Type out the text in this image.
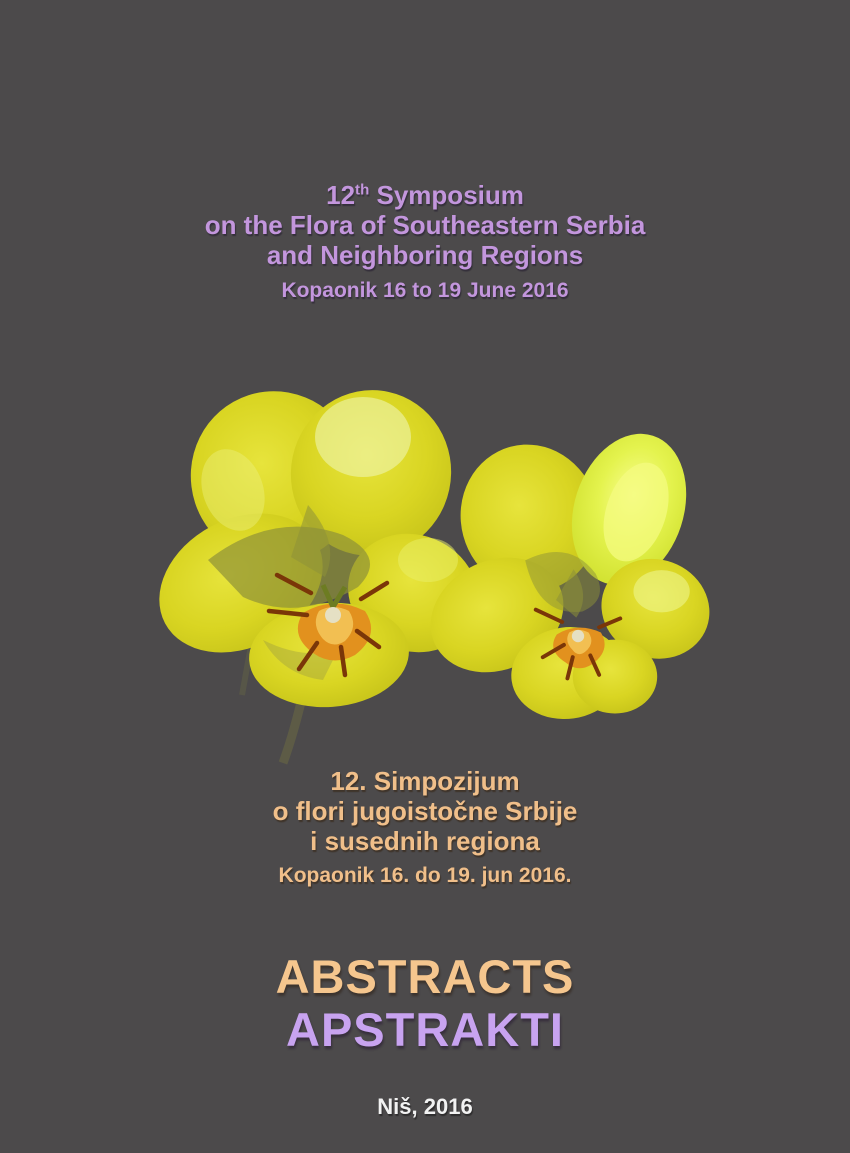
12th Symposium
on the Flora of Southeastern Serbia
and Neighboring Regions
Kopaonik 16 to 19 June 2016
12. Simpozijum
o flori jugoistočne Srbije
i susednih regiona
Kopaonik 16. do 19. jun 2016.
ABSTRACTS
APSTRAKTI
Niš, 2016
